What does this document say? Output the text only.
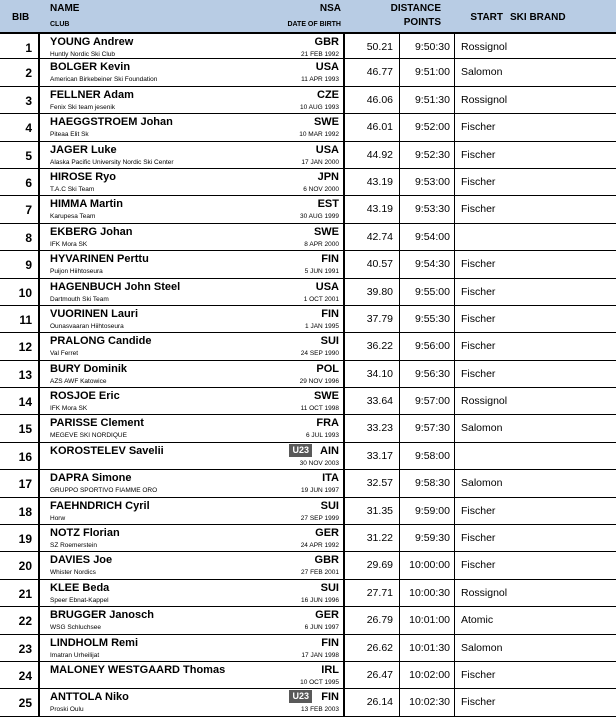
BIB
NAME
CLUB
NSA
DATE OF BIRTH
DISTANCE
POINTS	START SKI BRAND
1 YOUNG Andrew
Huntly Nordic Ski Club
GBR
21 FEB 1992
50.21 9:50:30 Rossignol
2 BOLGER Kevin
American Birkebeiner Ski Foundation
USA
11 APR 1993
46.77 9:51:00 Salomon
3 FELLNER Adam
Fenix Ski team jesenik
CZE
10 AUG 1993
46.06 9:51:30 Rossignol
4 HAEGGSTROEM Johan
Piteaa Elit Sk
SWE
10 MAR 1992
46.01 9:52:00 Fischer
5 JAGER Luke
Alaska Pacific University Nordic Ski Center
USA
17 JAN 2000
44.92 9:52:30 Fischer
6 HIROSE Ryo
T.A.C Ski Team
JPN
6 NOV 2000
43.19 9:53:00 Fischer
7 HIMMA Martin
Karupesa Team
EST
30 AUG 1999
43.19 9:53:30 Fischer
8 EKBERG Johan
IFK Mora SK
SWE
8 APR 2000
42.74 9:54:00
9 HYVARINEN Perttu
Puijon Hiihtoseura
FIN
5 JUN 1991
40.57 9:54:30 Fischer
10 HAGENBUCH John Steel
Dartmouth Ski Team
USA
1 OCT 2001
39.80 9:55:00 Fischer
11 VUORINEN Lauri
Ounasvaaran Hiihtoseura
FIN
1 JAN 1995
37.79 9:55:30 Fischer
12 PRALONG Candide
Val Ferret
SUI
24 SEP 1990
36.22 9:56:00 Fischer
13 BURY Dominik
AZS AWF Katowice
POL
29 NOV 1996
34.10 9:56:30 Fischer
14 ROSJOE Eric
IFK Mora SK
SWE
11 OCT 1998
33.64 9:57:00 Rossignol
15 PARISSE Clement
MEGEVE SKI NORDIQUE
FRA
6 JUL 1993
33.23 9:57:30 Salomon
16 KOROSTELEV Savelii	U23 AIN
30 NOV 2003
33.17 9:58:00
17 DAPRA Simone
GRUPPO SPORTIVO FIAMME ORO
ITA
19 JUN 1997
32.57 9:58:30 Salomon
18 FAEHNDRICH Cyril
Horw
SUI
27 SEP 1999
31.35 9:59:00 Fischer
19 NOTZ Florian
SZ Roemerstein
GER
24 APR 1992
31.22 9:59:30 Fischer
20 DAVIES Joe
Whister Nordics
GBR
27 FEB 2001
29.69 10:00:00 Fischer
21 KLEE Beda
Speer Ebnat-Kappel
SUI
16 JUN 1996
27.71 10:00:30 Rossignol
22 BRUGGER Janosch
WSG Schluchsee
GER
6 JUN 1997
26.79 10:01:00 Atomic
23 LINDHOLM Remi
Imatran Urheilijat
FIN
17 JAN 1998
26.62 10:01:30 Salomon
24 MALONEY WESTGAARD Thomas	IRL
10 OCT 1995
26.47 10:02:00 Fischer
25 ANTTOLA Niko
Proski Oulu
U23 FIN
13 FEB 2003
26.14 10:02:30 Fischer
